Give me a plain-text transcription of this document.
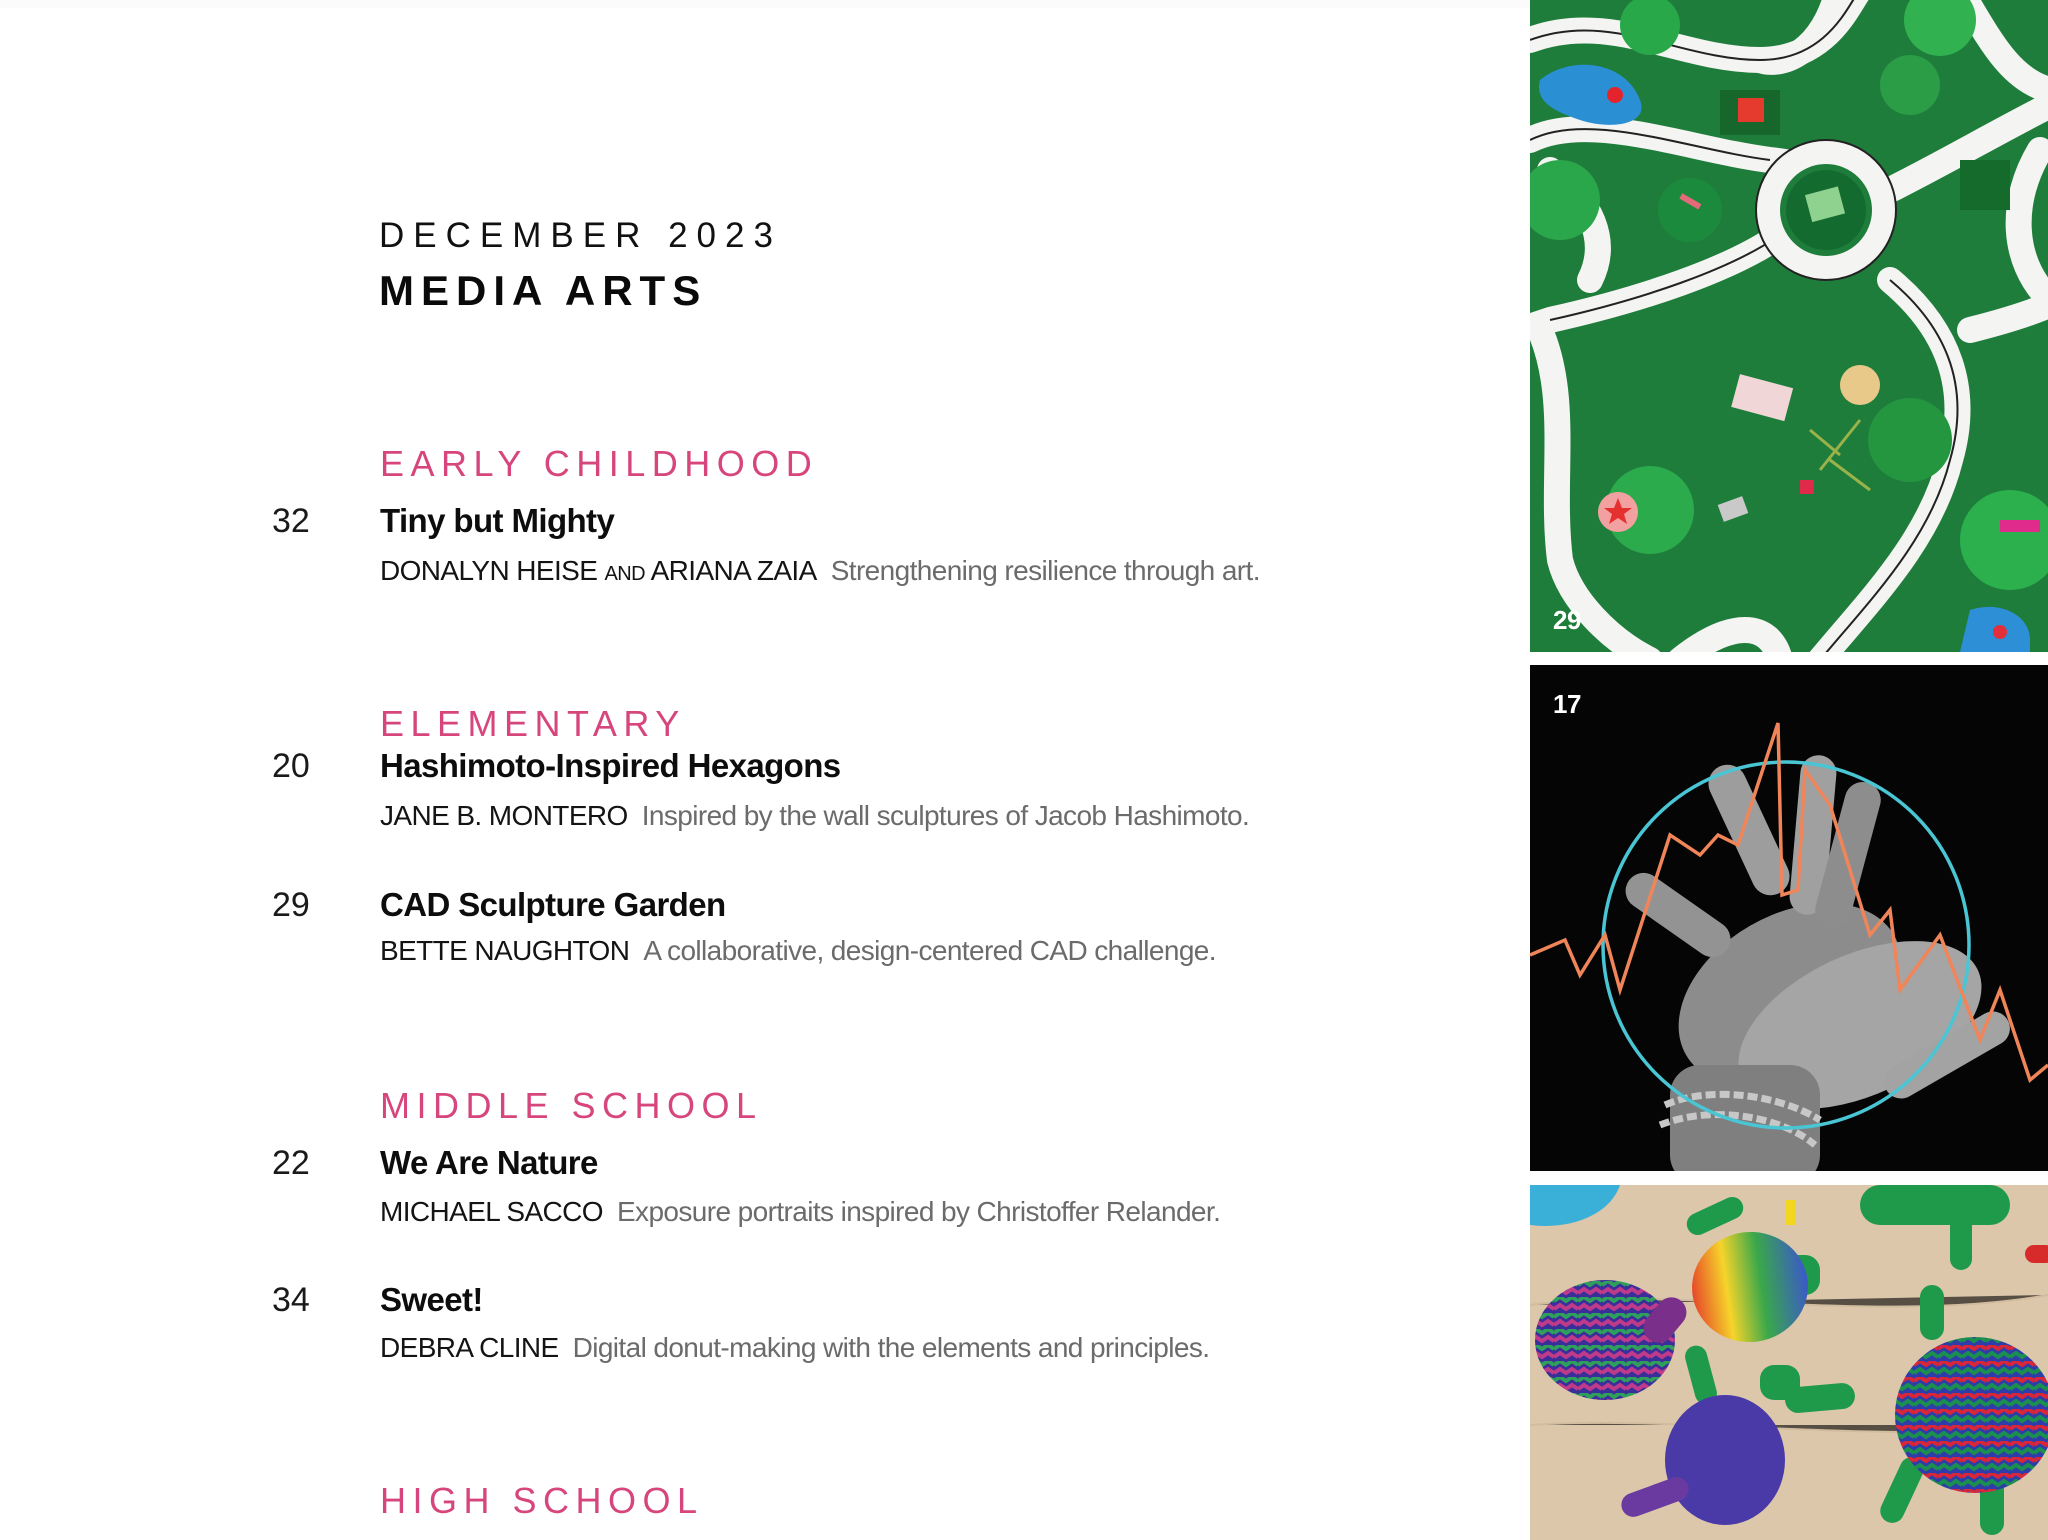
DECEMBER 2023
MEDIA ARTS
EARLY CHILDHOOD
32 Tiny but Mighty
DONALYN HEISE AND ARIANA ZAIA Strengthening resilience through art.
ELEMENTARY
20 Hashimoto-Inspired Hexagons
JANE B. MONTERO Inspired by the wall sculptures of Jacob Hashimoto.
29 CAD Sculpture Garden
BETTE NAUGHTON A collaborative, design-centered CAD challenge.
MIDDLE SCHOOL
22 We Are Nature
MICHAEL SACCO Exposure portraits inspired by Christoffer Relander.
34 Sweet!
DEBRA CLINE Digital donut-making with the elements and principles.
HIGH SCHOOL
29
17
